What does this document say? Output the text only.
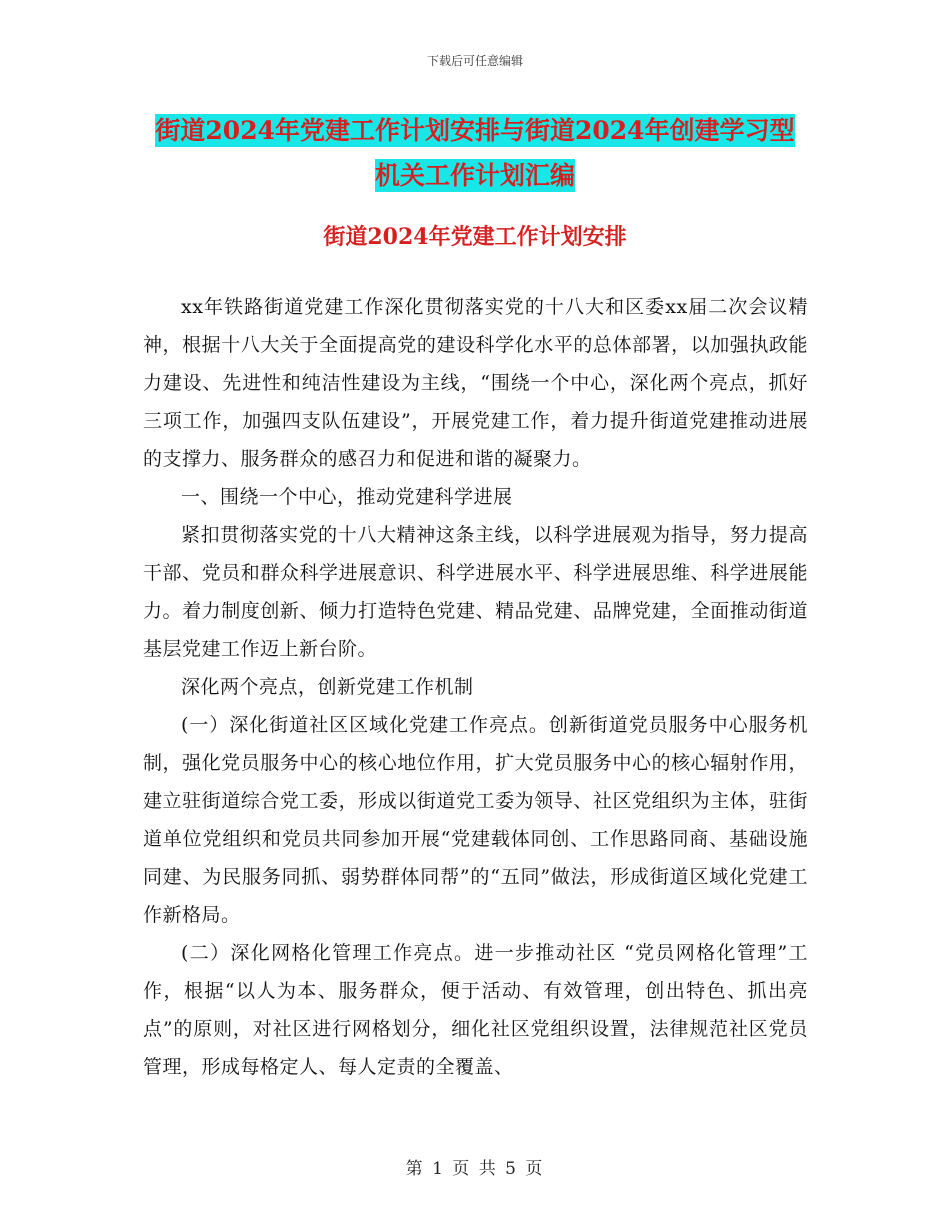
下载后可任意编辑
街道2024年党建工作计划安排与街道2024年创建学习型机关工作计划汇编
街道2024年党建工作计划安排

xx年铁路街道党建工作深化贯彻落实党的十八大和区委xx届二次会议精神，根据十八大关于全面提高党的建设科学化水平的总体部署，以加强执政能力建设、先进性和纯洁性建设为主线，“围绕一个中心，深化两个亮点，抓好三项工作，加强四支队伍建设”，开展党建工作，着力提升街道党建推动进展的支撑力、服务群众的感召力和促进和谐的凝聚力。

一、围绕一个中心，推动党建科学进展

紧扣贯彻落实党的十八大精神这条主线，以科学进展观为指导，努力提高干部、党员和群众科学进展意识、科学进展水平、科学进展思维、科学进展能力。着力制度创新、倾力打造特色党建、精品党建、品牌党建，全面推动街道基层党建工作迈上新台阶。

深化两个亮点，创新党建工作机制

(一）深化街道社区区域化党建工作亮点。创新街道党员服务中心服务机制，强化党员服务中心的核心地位作用，扩大党员服务中心的核心辐射作用，建立驻街道综合党工委，形成以街道党工委为领导、社区党组织为主体，驻街道单位党组织和党员共同参加开展“党建载体同创、工作思路同商、基础设施同建、为民服务同抓、弱势群体同帮”的“五同”做法，形成街道区域化党建工作新格局。

(二）深化网格化管理工作亮点。进一步推动社区 “党员网格化管理”工作，根据“以人为本、服务群众，便于活动、有效管理，创出特色、抓出亮点”的原则，对社区进行网格划分，细化社区党组织设置，法律规范社区党员管理，形成每格定人、每人定责的全覆盖、

第 1 页 共 5 页
